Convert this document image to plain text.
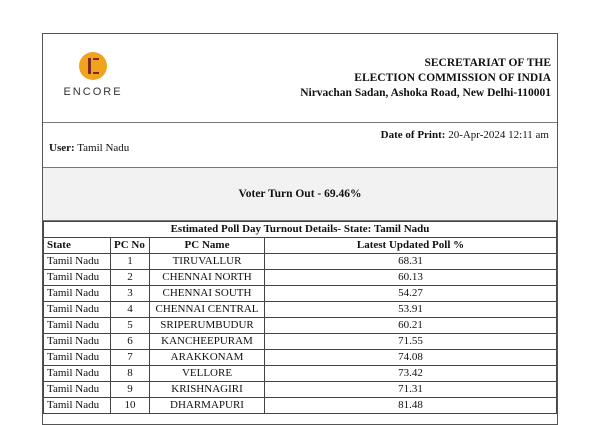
ENCORE
SECRETARIAT OF THE
ELECTION COMMISSION OF INDIA
Nirvachan Sadan, Ashoka Road, New Delhi-110001
User: Tamil Nadu
Date of Print: 20-Apr-2024 12:11 am
Voter Turn Out - 69.46%
Estimated Poll Day Turnout Details- State: Tamil Nadu			
State	PC No	PC Name	Latest Updated Poll %
Tamil Nadu	1	TIRUVALLUR	68.31
Tamil Nadu	2	CHENNAI NORTH	60.13
Tamil Nadu	3	CHENNAI SOUTH	54.27
Tamil Nadu	4	CHENNAI CENTRAL	53.91
Tamil Nadu	5	SRIPERUMBUDUR	60.21
Tamil Nadu	6	KANCHEEPURAM	71.55
Tamil Nadu	7	ARAKKONAM	74.08
Tamil Nadu	8	VELLORE	73.42
Tamil Nadu	9	KRISHNAGIRI	71.31
Tamil Nadu	10	DHARMAPURI	81.48
